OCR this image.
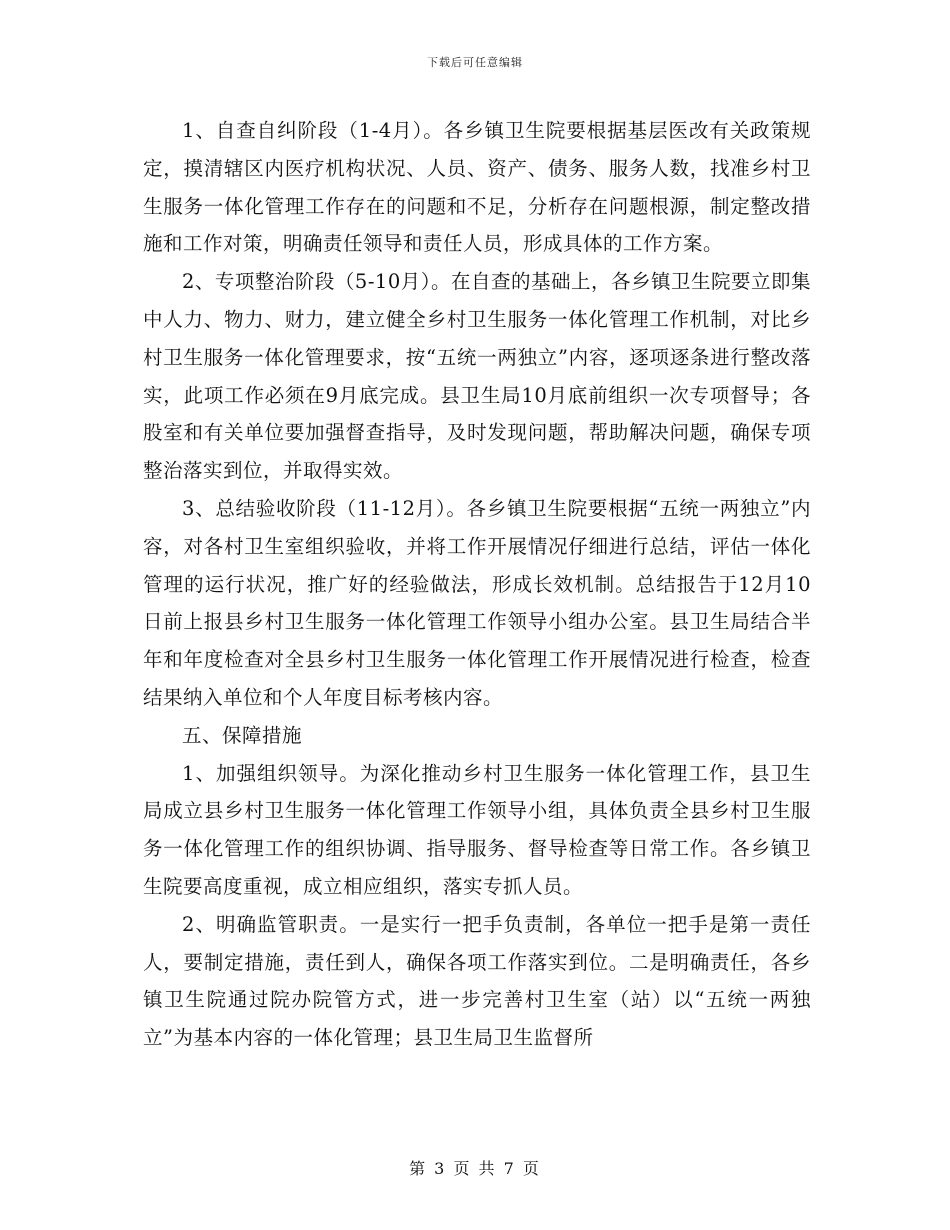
下载后可任意编辑

1、自查自纠阶段（1-4月）。各乡镇卫生院要根据基层医改有关政策规定，摸清辖区内医疗机构状况、人员、资产、债务、服务人数，找准乡村卫生服务一体化管理工作存在的问题和不足，分析存在问题根源，制定整改措施和工作对策，明确责任领导和责任人员，形成具体的工作方案。

2、专项整治阶段（5-10月）。在自查的基础上，各乡镇卫生院要立即集中人力、物力、财力，建立健全乡村卫生服务一体化管理工作机制，对比乡村卫生服务一体化管理要求，按“五统一两独立”内容，逐项逐条进行整改落实，此项工作必须在9月底完成。县卫生局10月底前组织一次专项督导；各股室和有关单位要加强督查指导，及时发现问题，帮助解决问题，确保专项整治落实到位，并取得实效。

3、总结验收阶段（11-12月）。各乡镇卫生院要根据“五统一两独立”内容，对各村卫生室组织验收，并将工作开展情况仔细进行总结，评估一体化管理的运行状况，推广好的经验做法，形成长效机制。总结报告于12月10日前上报县乡村卫生服务一体化管理工作领导小组办公室。县卫生局结合半年和年度检查对全县乡村卫生服务一体化管理工作开展情况进行检查，检查结果纳入单位和个人年度目标考核内容。

五、保障措施

1、加强组织领导。为深化推动乡村卫生服务一体化管理工作，县卫生局成立县乡村卫生服务一体化管理工作领导小组，具体负责全县乡村卫生服务一体化管理工作的组织协调、指导服务、督导检查等日常工作。各乡镇卫生院要高度重视，成立相应组织，落实专抓人员。

2、明确监管职责。一是实行一把手负责制，各单位一把手是第一责任人，要制定措施，责任到人，确保各项工作落实到位。二是明确责任，各乡镇卫生院通过院办院管方式，进一步完善村卫生室（站）以“五统一两独立”为基本内容的一体化管理；县卫生局卫生监督所

第 3 页 共 7 页
